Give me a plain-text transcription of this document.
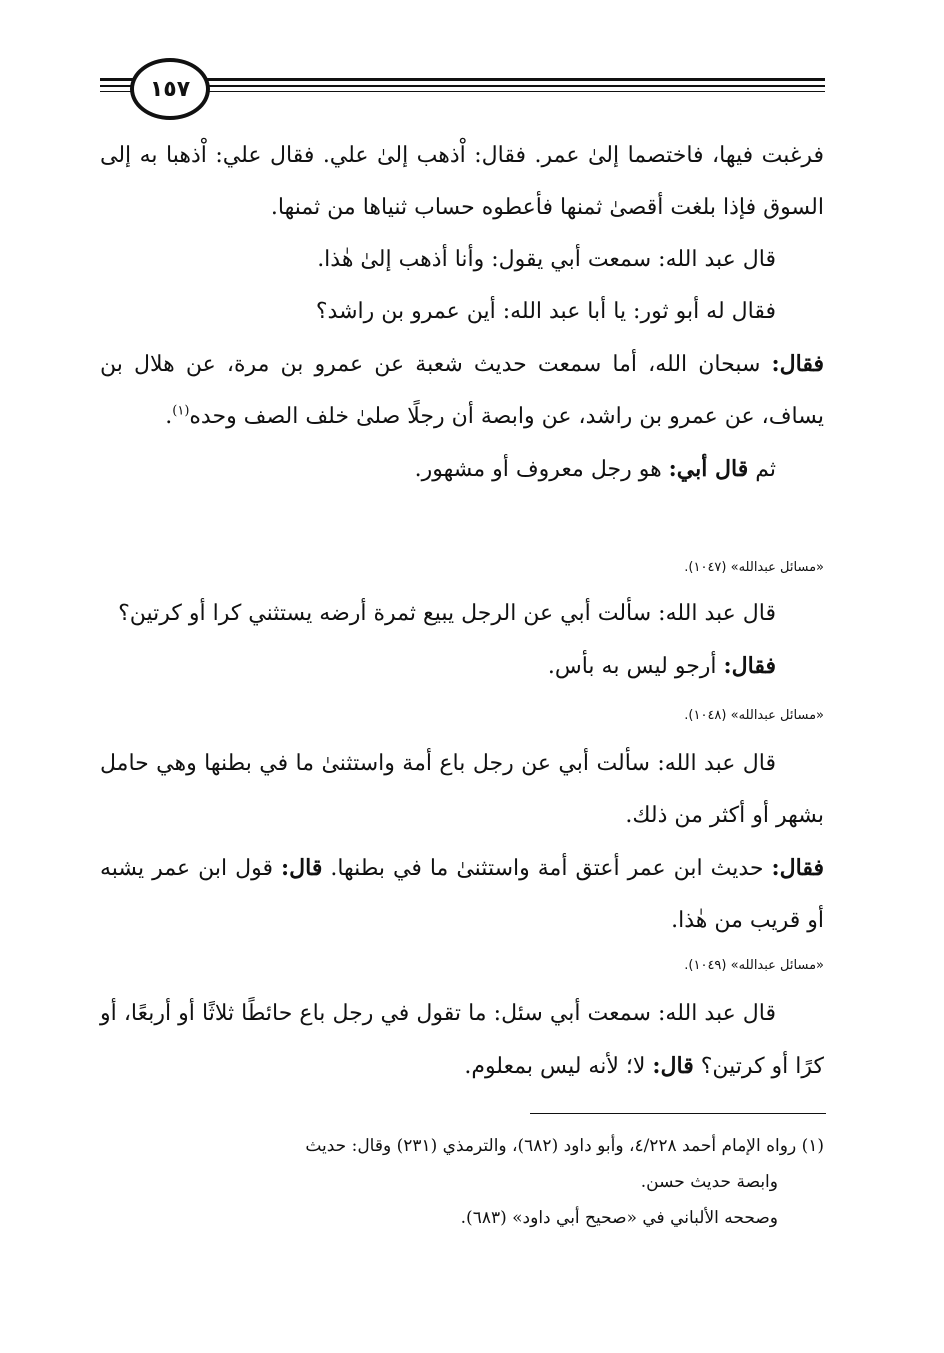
١٥٧

فرغبت فيها، فاختصما إلىٰ عمر. فقال: اْذهب إلىٰ علي. فقال علي: اْذهبا به إلى السوق فإذا بلغت أقصىٰ ثمنها فأعطوه حساب ثنياها من ثمنها.

قال عبد الله: سمعت أبي يقول: وأنا أذهب إلىٰ هٰذا.

فقال له أبو ثور: يا أبا عبد الله: أين عمرو بن راشد؟

فقال: سبحان الله، أما سمعت حديث شعبة عن عمرو بن مرة، عن هلال بن يساف، عن عمرو بن راشد، عن وابصة أن رجلًا صلىٰ خلف الصف وحده$^{(١)}$.

ثم قال أبي: هو رجل معروف أو مشهور.

«مسائل عبدالله» (١٠٤٧).

قال عبد الله: سألت أبي عن الرجل يبيع ثمرة أرضه يستثني كرا أو كرتين؟

فقال: أرجو ليس به بأس.

«مسائل عبدالله» (١٠٤٨).

قال عبد الله: سألت أبي عن رجل باع أمة واستثنىٰ ما في بطنها وهي حامل بشهر أو أكثر من ذلك.

فقال: حديث ابن عمر أعتق أمة واستثنىٰ ما في بطنها. قال: قول ابن عمر يشبه أو قريب من هٰذا.

«مسائل عبدالله» (١٠٤٩).

قال عبد الله: سمعت أبي سئل: ما تقول في رجل باع حائطًا ثلاثًا أو أربعًا، أو كرًا أو كرتين؟ قال: لا؛ لأنه ليس بمعلوم.

(١) رواه الإمام أحمد ٤/٢٢٨، وأبو داود (٦٨٢)، والترمذي (٢٣١) وقال: حديث

وابصة حديث حسن.

وصححه الألباني في «صحيح أبي داود» (٦٨٣).
